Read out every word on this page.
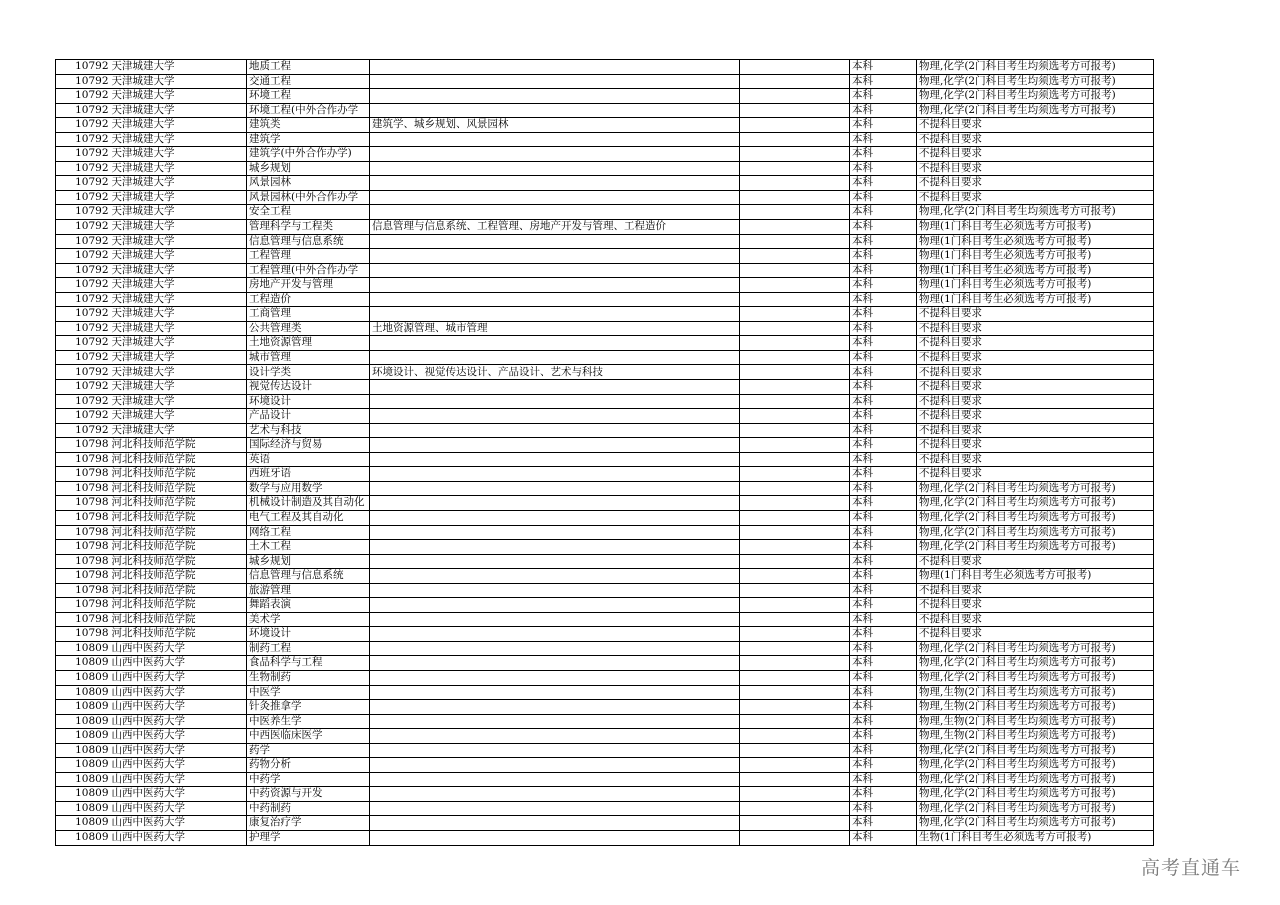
10792	天津城建大学	地质工程			本科	物理,化学(2门科目考生均须选考方可报考)
10792	天津城建大学	交通工程			本科	物理,化学(2门科目考生均须选考方可报考)
10792	天津城建大学	环境工程			本科	物理,化学(2门科目考生均须选考方可报考)
10792	天津城建大学	环境工程(中外合作办学			本科	物理,化学(2门科目考生均须选考方可报考)
10792	天津城建大学	建筑类	建筑学、城乡规划、风景园林		本科	不提科目要求
10792	天津城建大学	建筑学			本科	不提科目要求
10792	天津城建大学	建筑学(中外合作办学)			本科	不提科目要求
10792	天津城建大学	城乡规划			本科	不提科目要求
10792	天津城建大学	风景园林			本科	不提科目要求
10792	天津城建大学	风景园林(中外合作办学			本科	不提科目要求
10792	天津城建大学	安全工程			本科	物理,化学(2门科目考生均须选考方可报考)
10792	天津城建大学	管理科学与工程类	信息管理与信息系统、工程管理、房地产开发与管理、工程造价		本科	物理(1门科目考生必须选考方可报考)
10792	天津城建大学	信息管理与信息系统			本科	物理(1门科目考生必须选考方可报考)
10792	天津城建大学	工程管理			本科	物理(1门科目考生必须选考方可报考)
10792	天津城建大学	工程管理(中外合作办学			本科	物理(1门科目考生必须选考方可报考)
10792	天津城建大学	房地产开发与管理			本科	物理(1门科目考生必须选考方可报考)
10792	天津城建大学	工程造价			本科	物理(1门科目考生必须选考方可报考)
10792	天津城建大学	工商管理			本科	不提科目要求
10792	天津城建大学	公共管理类	土地资源管理、城市管理		本科	不提科目要求
10792	天津城建大学	土地资源管理			本科	不提科目要求
10792	天津城建大学	城市管理			本科	不提科目要求
10792	天津城建大学	设计学类	环境设计、视觉传达设计、产品设计、艺术与科技		本科	不提科目要求
10792	天津城建大学	视觉传达设计			本科	不提科目要求
10792	天津城建大学	环境设计			本科	不提科目要求
10792	天津城建大学	产品设计			本科	不提科目要求
10792	天津城建大学	艺术与科技			本科	不提科目要求
10798	河北科技师范学院	国际经济与贸易			本科	不提科目要求
10798	河北科技师范学院	英语			本科	不提科目要求
10798	河北科技师范学院	西班牙语			本科	不提科目要求
10798	河北科技师范学院	数学与应用数学			本科	物理,化学(2门科目考生均须选考方可报考)
10798	河北科技师范学院	机械设计制造及其自动化			本科	物理,化学(2门科目考生均须选考方可报考)
10798	河北科技师范学院	电气工程及其自动化			本科	物理,化学(2门科目考生均须选考方可报考)
10798	河北科技师范学院	网络工程			本科	物理,化学(2门科目考生均须选考方可报考)
10798	河北科技师范学院	土木工程			本科	物理,化学(2门科目考生均须选考方可报考)
10798	河北科技师范学院	城乡规划			本科	不提科目要求
10798	河北科技师范学院	信息管理与信息系统			本科	物理(1门科目考生必须选考方可报考)
10798	河北科技师范学院	旅游管理			本科	不提科目要求
10798	河北科技师范学院	舞蹈表演			本科	不提科目要求
10798	河北科技师范学院	美术学			本科	不提科目要求
10798	河北科技师范学院	环境设计			本科	不提科目要求
10809	山西中医药大学	制药工程			本科	物理,化学(2门科目考生均须选考方可报考)
10809	山西中医药大学	食品科学与工程			本科	物理,化学(2门科目考生均须选考方可报考)
10809	山西中医药大学	生物制药			本科	物理,化学(2门科目考生均须选考方可报考)
10809	山西中医药大学	中医学			本科	物理,生物(2门科目考生均须选考方可报考)
10809	山西中医药大学	针灸推拿学			本科	物理,生物(2门科目考生均须选考方可报考)
10809	山西中医药大学	中医养生学			本科	物理,生物(2门科目考生均须选考方可报考)
10809	山西中医药大学	中西医临床医学			本科	物理,生物(2门科目考生均须选考方可报考)
10809	山西中医药大学	药学			本科	物理,化学(2门科目考生均须选考方可报考)
10809	山西中医药大学	药物分析			本科	物理,化学(2门科目考生均须选考方可报考)
10809	山西中医药大学	中药学			本科	物理,化学(2门科目考生均须选考方可报考)
10809	山西中医药大学	中药资源与开发			本科	物理,化学(2门科目考生均须选考方可报考)
10809	山西中医药大学	中药制药			本科	物理,化学(2门科目考生均须选考方可报考)
10809	山西中医药大学	康复治疗学			本科	物理,化学(2门科目考生均须选考方可报考)
10809	山西中医药大学	护理学			本科	生物(1门科目考生必须选考方可报考)
高考直通车
